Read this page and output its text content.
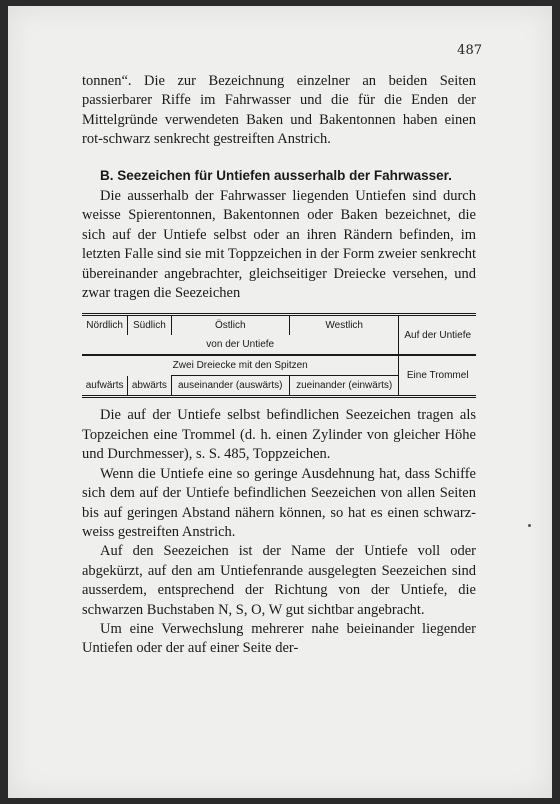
487

tonnen“. Die zur Bezeichnung einzelner an beiden Seiten passierbarer Riffe im Fahrwasser und die für die Enden der Mittelgründe verwendeten Baken und Bakentonnen haben einen rot-schwarz senkrecht gestreiften Anstrich.

B. Seezeichen für Untiefen ausserhalb der Fahrwasser.

Die ausserhalb der Fahrwasser liegenden Untiefen sind durch weisse Spierentonnen, Bakentonnen oder Baken bezeichnet, die sich auf der Untiefe selbst oder an ihren Rändern befinden, im letzten Falle sind sie mit Toppzeichen in der Form zweier senkrecht übereinander angebrachter, gleichseitiger Dreiecke versehen, und zwar tragen die Seezeichen

Nördlich	Südlich	Östlich	Westlich	Auf der Untiefe
von der Untiefe				
Zwei Dreiecke mit den Spitzen				Eine Trommel
aufwärts	abwärts	auseinander (auswärts)	zueinander (einwärts)	

Die auf der Untiefe selbst befindlichen Seezeichen tragen als Topzeichen eine Trommel (d. h. einen Zylinder von gleicher Höhe und Durchmesser), s. S. 485, Toppzeichen.

Wenn die Untiefe eine so geringe Ausdehnung hat, dass Schiffe sich dem auf der Untiefe befindlichen Seezeichen von allen Seiten bis auf geringen Abstand nähern können, so hat es einen schwarz-weiss gestreiften Anstrich.

Auf den Seezeichen ist der Name der Untiefe voll oder abgekürzt, auf den am Untiefenrande ausgelegten Seezeichen sind ausserdem, entsprechend der Richtung von der Untiefe, die schwarzen Buchstaben N, S, O, W gut sichtbar angebracht.

Um eine Verwechslung mehrerer nahe beieinander liegender Untiefen oder der auf einer Seite der-
